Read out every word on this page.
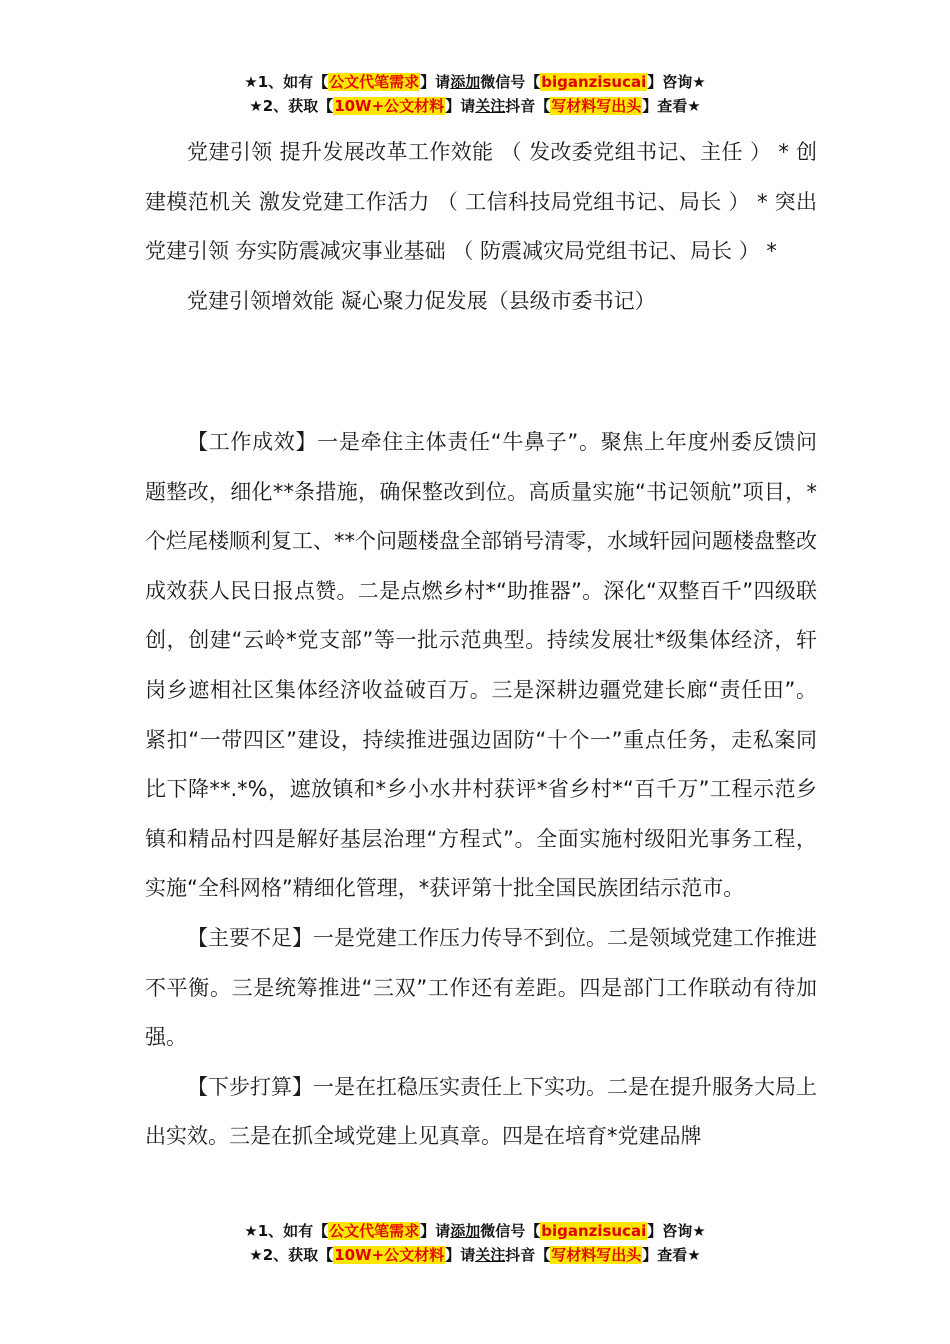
★1、如有【公文代笔需求】请添加微信号【biganzisucai】咨询★
★2、获取【10W+公文材料】请关注抖音【写材料写出头】查看★

党建引领 提升发展改革工作效能 （ 发改委党组书记、主任 ） * 创建模范机关 激发党建工作活力 （ 工信科技局党组书记、局长 ） * 突出党建引领 夯实防震减灾事业基础 （ 防震减灾局党组书记、局长 ） *

党建引领增效能 凝心聚力促发展（县级市委书记）

【工作成效】一是牵住主体责任“牛鼻子”。聚焦上年度州委反馈问题整改，细化**条措施，确保整改到位。高质量实施“书记领航”项目，*个烂尾楼顺利复工、**个问题楼盘全部销号清零，水域轩园问题楼盘整改成效获人民日报点赞。二是点燃乡村*“助推器”。深化“双整百千”四级联创，创建“云岭*党支部”等一批示范典型。持续发展壮*级集体经济，轩岗乡遮相社区集体经济收益破百万。三是深耕边疆党建长廊“责任田”。紧扣“一带四区”建设，持续推进强边固防“十个一”重点任务，走私案同比下降**.*%，遮放镇和*乡小水井村获评*省乡村*“百千万”工程示范乡镇和精品村四是解好基层治理“方程式”。全面实施村级阳光事务工程，实施“全科网格”精细化管理，*获评第十批全国民族团结示范市。

【主要不足】一是党建工作压力传导不到位。二是领域党建工作推进不平衡。三是统筹推进“三双”工作还有差距。四是部门工作联动有待加强。

【下步打算】一是在扛稳压实责任上下实功。二是在提升服务大局上出实效。三是在抓全域党建上见真章。四是在培育*党建品牌

★1、如有【公文代笔需求】请添加微信号【biganzisucai】咨询★
★2、获取【10W+公文材料】请关注抖音【写材料写出头】查看★
